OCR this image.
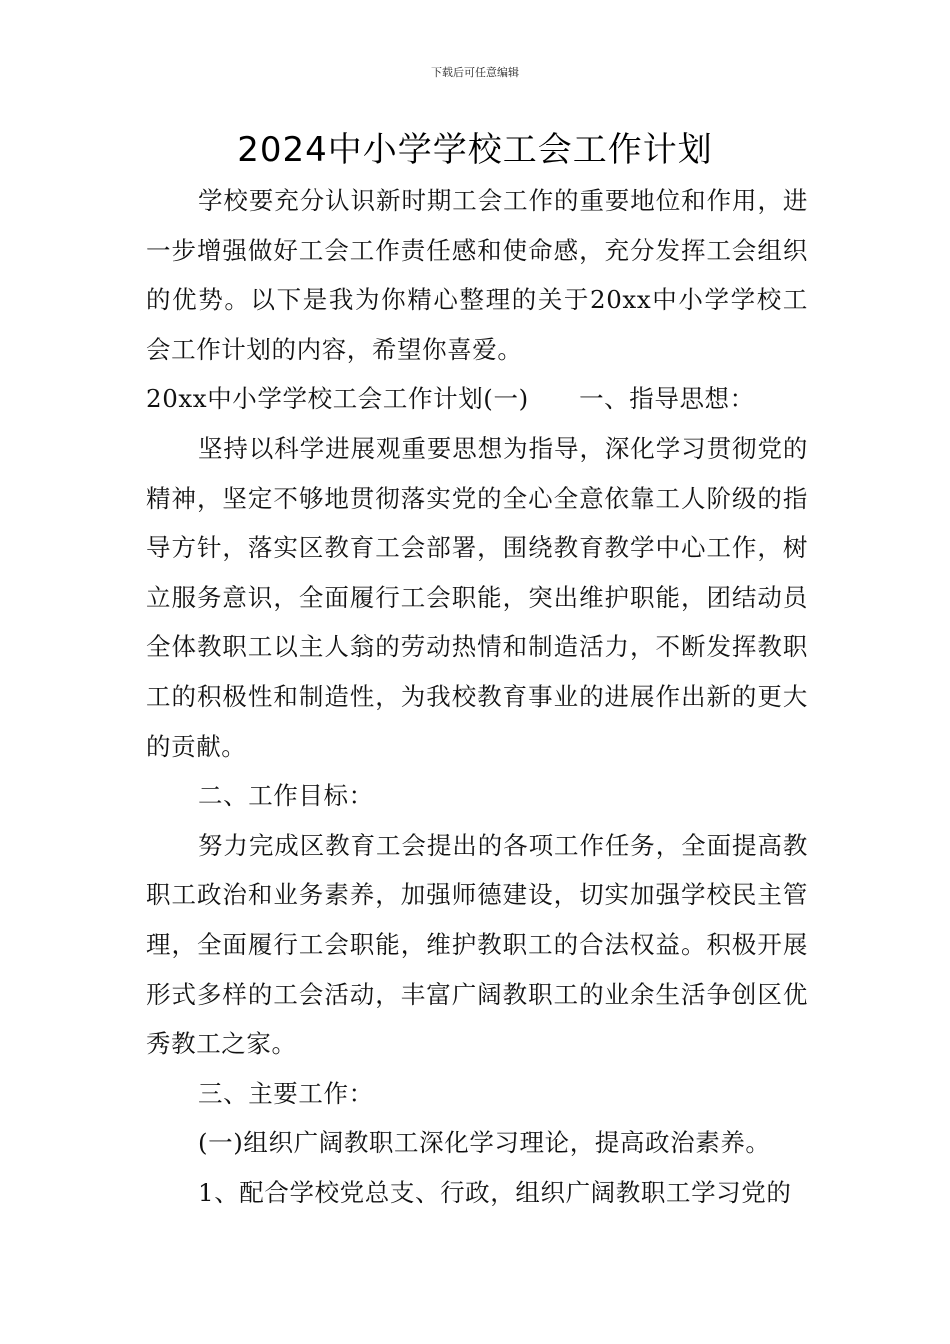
下载后可任意编辑
2024中小学学校工会工作计划

学校要充分认识新时期工会工作的重要地位和作用，进一步增强做好工会工作责任感和使命感，充分发挥工会组织的优势。以下是我为你精心整理的关于20xx中小学学校工会工作计划的内容，希望你喜爱。

20xx中小学学校工会工作计划(一) 一、指导思想：

坚持以科学进展观重要思想为指导，深化学习贯彻党的精神，坚定不够地贯彻落实党的全心全意依靠工人阶级的指导方针，落实区教育工会部署，围绕教育教学中心工作，树立服务意识，全面履行工会职能，突出维护职能，团结动员全体教职工以主人翁的劳动热情和制造活力，不断发挥教职工的积极性和制造性，为我校教育事业的进展作出新的更大的贡献。

二、工作目标：

努力完成区教育工会提出的各项工作任务，全面提高教职工政治和业务素养，加强师德建设，切实加强学校民主管理，全面履行工会职能，维护教职工的合法权益。积极开展形式多样的工会活动，丰富广阔教职工的业余生活争创区优秀教工之家。

三、主要工作：

(一)组织广阔教职工深化学习理论，提高政治素养。

1、配合学校党总支、行政，组织广阔教职工学习党的
